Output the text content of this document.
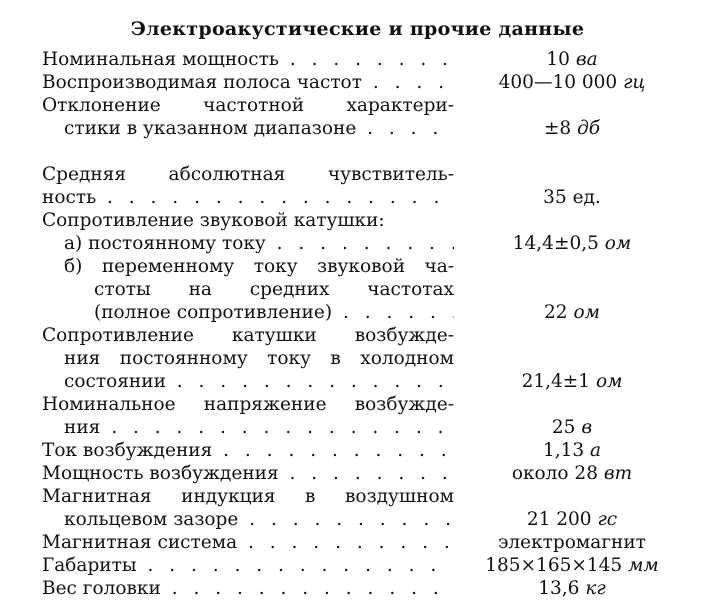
Электроакустические и прочие данные
Номинальная мощность . . .	10 ва
Воспроизводимая полоса частот . . .	400—10 000 гц
Отклонение частотной характери-
стики в указанном диапазоне . . .	±8 дб
Средняя абсолютная чувствитель-
ность . . .	35 ед.
Сопротивление звуковой катушки:
а) постоянному току . . .	14,4±0,5 ом
б) переменному току звуковой ча-
стоты на средних частотах
(полное сопротивление) . . .	22 ом
Сопротивление катушки возбужде-
ния постоянному току в холодном
состоянии . . .	21,4±1 ом
Номинальное напряжение возбужде-
ния . . .	25 в
Ток возбуждения . . .	1,13 а
Мощность возбуждения . . .	около 28 вт
Магнитная индукция в воздушном
кольцевом зазоре . . .	21 200 гс
Магнитная система . . .	электромагнит
Габариты . . .	185×165×145 мм
Вес головки . . .	13,6 кг
